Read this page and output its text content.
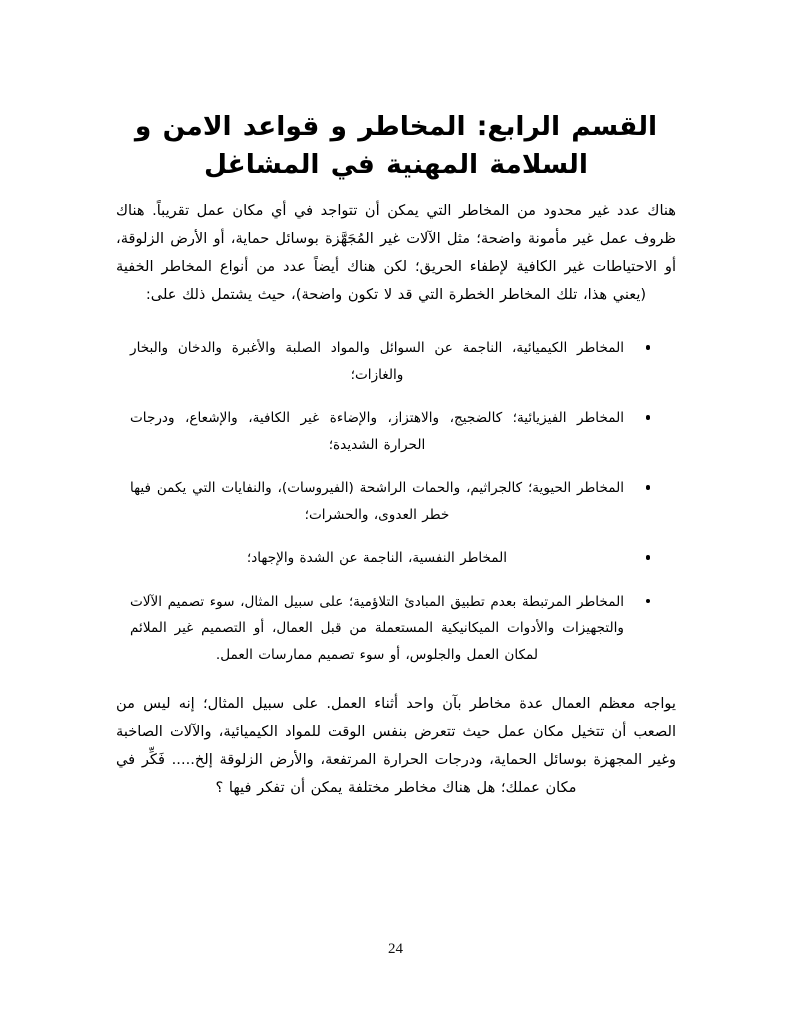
القسم الرابع: المخاطر و قواعد الامن و
السلامة المهنية في المشاغل

هناك عدد غير محدود من المخاطر التي يمكن أن تتواجد في أي مكان عمل تقريباً. هناك ظروف عمل غير مأمونة واضحة؛ مثل الآلات غير المُجَهَّزة بوسائل حماية، أو الأرض الزلوقة، أو الاحتياطات غير الكافية لإطفاء الحريق؛ لكن هناك أيضاً عدد من أنواع المخاطر الخفية (يعني هذا، تلك المخاطر الخطرة التي قد لا تكون واضحة)، حيث يشتمل ذلك على:

المخاطر الكيميائية، الناجمة عن السوائل والمواد الصلبة والأغبرة والدخان والبخار والغازات؛
المخاطر الفيزيائية؛ كالضجيج، والاهتزاز، والإضاءة غير الكافية، والإشعاع، ودرجات الحرارة الشديدة؛
المخاطر الحيوية؛ كالجراثيم، والحمات الراشحة (الفيروسات)، والنفايات التي يكمن فيها خطر العدوى، والحشرات؛
المخاطر النفسية، الناجمة عن الشدة والإجهاد؛
المخاطر المرتبطة بعدم تطبيق المبادئ التلاؤمية؛ على سبيل المثال، سوء تصميم الآلات والتجهيزات والأدوات الميكانيكية المستعملة من قبل العمال، أو التصميم غير الملائم لمكان العمل والجلوس، أو سوء تصميم ممارسات العمل.

يواجه معظم العمال عدة مخاطر بآن واحد أثناء العمل. على سبيل المثال؛ إنه ليس من الصعب أن تتخيل مكان عمل حيث تتعرض بنفس الوقت للمواد الكيميائية، والآلات الصاخبة وغير المجهزة بوسائل الحماية، ودرجات الحرارة المرتفعة، والأرض الزلوقة إلخ..... فَكِّر في مكان عملك؛ هل هناك مخاطر مختلفة يمكن أن تفكر فيها ؟

24
